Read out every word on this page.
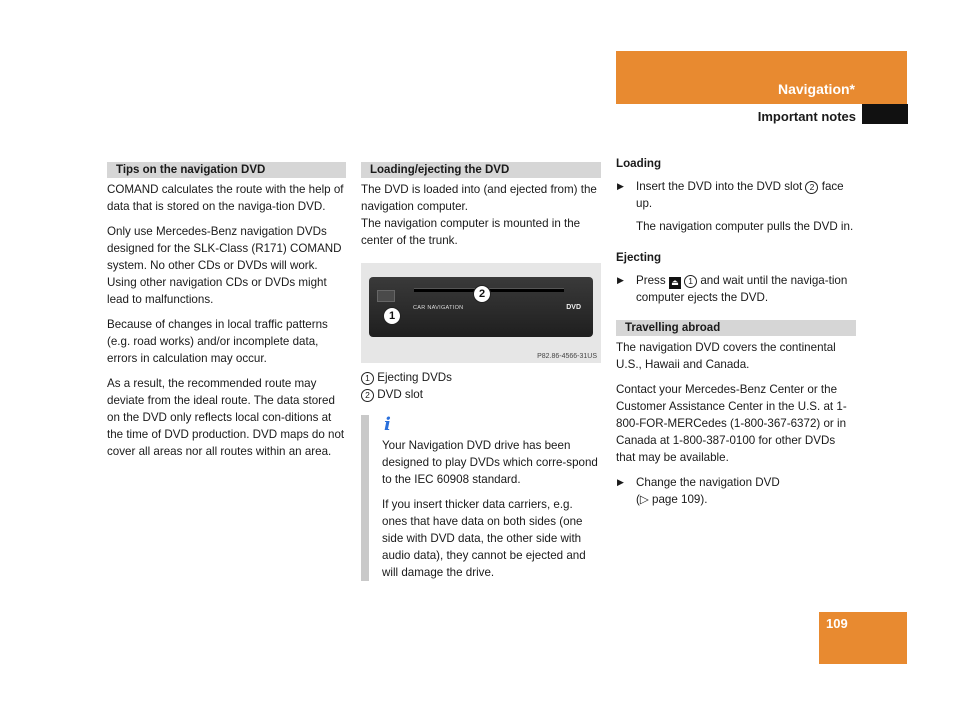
Navigation*
Important notes
Tips on the navigation DVD

COMAND calculates the route with the help of data that is stored on the naviga-tion DVD.

Only use Mercedes-Benz navigation DVDs designed for the SLK-Class (R171) COMAND system. No other CDs or DVDs will work. Using other navigation CDs or DVDs might lead to malfunctions.

Because of changes in local traffic patterns (e.g. road works) and/or incomplete data, errors in calculation may occur.

As a result, the recommended route may deviate from the ideal route. The data stored on the DVD only reflects local con-ditions at the time of DVD production. DVD maps do not cover all areas nor all routes within an area.

Loading/ejecting the DVD

The DVD is loaded into (and ejected from) the navigation computer.

The navigation computer is mounted in the center of the trunk.

CAR NAVIGATION	DVD
1
2
P82.86-4566-31US

1 Ejecting DVDs

2 DVD slot

i

Your Navigation DVD drive has been designed to play DVDs which corre-spond to the IEC 60908 standard.

If you insert thicker data carriers, e.g. ones that have data on both sides (one side with DVD data, the other side with audio data), they cannot be ejected and will damage the drive.

Loading

▶ Insert the DVD into the DVD slot 2 face up.

The navigation computer pulls the DVD in.

Ejecting

▶ Press ⏏ 1 and wait until the naviga-tion computer ejects the DVD.

Travelling abroad

The navigation DVD covers the continental U.S., Hawaii and Canada.

Contact your Mercedes-Benz Center or the Customer Assistance Center in the U.S. at 1-800-FOR-MERCedes (1-800-367-6372) or in Canada at 1-800-387-0100 for other DVDs that may be available.

▶ Change the navigation DVD
(▷ page 109).

109
